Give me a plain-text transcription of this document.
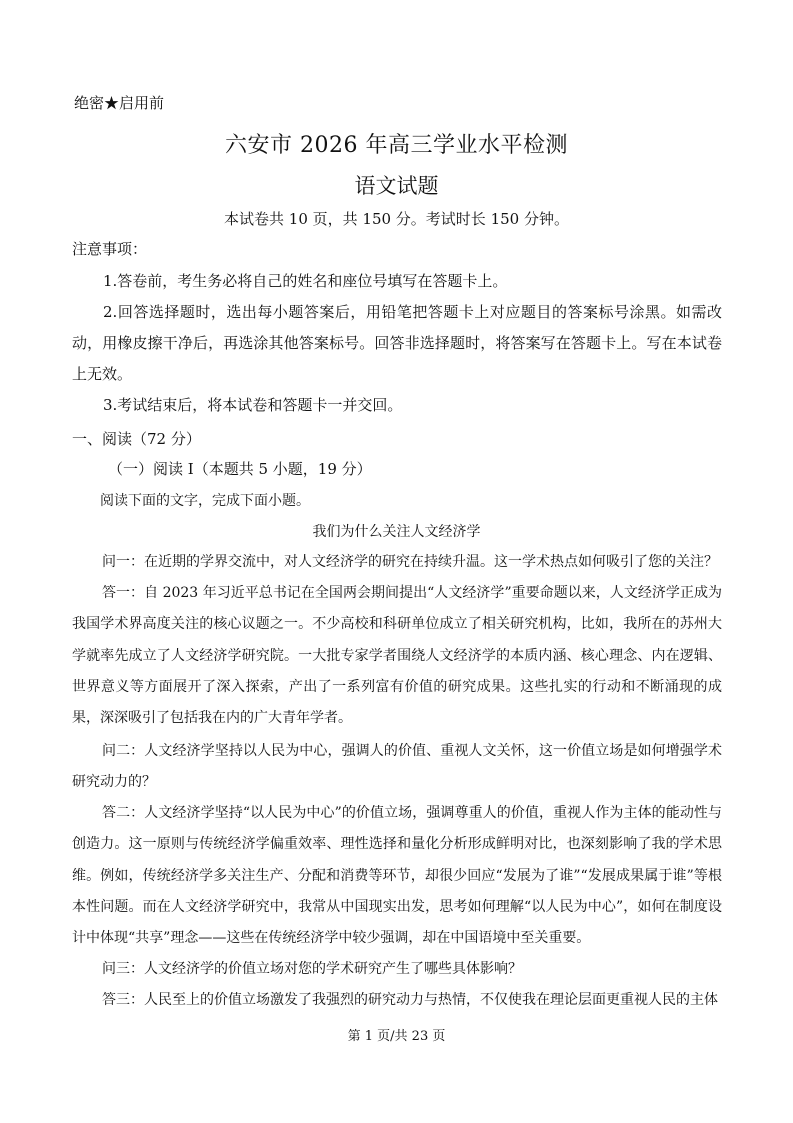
绝密★启用前
六安市 2026 年高三学业水平检测
语文试题
本试卷共 10 页，共 150 分。考试时长 150 分钟。
注意事项：
1.答卷前，考生务必将自己的姓名和座位号填写在答题卡上。
2.回答选择题时，选出每小题答案后，用铅笔把答题卡上对应题目的答案标号涂黑。如需改动，用橡皮擦干净后，再选涂其他答案标号。回答非选择题时，将答案写在答题卡上。写在本试卷上无效。
3.考试结束后，将本试卷和答题卡一并交回。
一、阅读（72 分）
（一）阅读 I（本题共 5 小题，19 分）
阅读下面的文字，完成下面小题。
我们为什么关注人文经济学
问一：在近期的学界交流中，对人文经济学的研究在持续升温。这一学术热点如何吸引了您的关注？
答一：自 2023 年习近平总书记在全国两会期间提出“人文经济学”重要命题以来，人文经济学正成为我国学术界高度关注的核心议题之一。不少高校和科研单位成立了相关研究机构，比如，我所在的苏州大学就率先成立了人文经济学研究院。一大批专家学者围绕人文经济学的本质内涵、核心理念、内在逻辑、世界意义等方面展开了深入探索，产出了一系列富有价值的研究成果。这些扎实的行动和不断涌现的成果，深深吸引了包括我在内的广大青年学者。
问二：人文经济学坚持以人民为中心，强调人的价值、重视人文关怀，这一价值立场是如何增强学术研究动力的？
答二：人文经济学坚持“以人民为中心”的价值立场，强调尊重人的价值，重视人作为主体的能动性与创造力。这一原则与传统经济学偏重效率、理性选择和量化分析形成鲜明对比，也深刻影响了我的学术思维。例如，传统经济学多关注生产、分配和消费等环节，却很少回应“发展为了谁”“发展成果属于谁”等根本性问题。而在人文经济学研究中，我常从中国现实出发，思考如何理解“以人民为中心”，如何在制度设计中体现“共享”理念——这些在传统经济学中较少强调，却在中国语境中至关重要。
问三：人文经济学的价值立场对您的学术研究产生了哪些具体影响？
答三：人民至上的价值立场激发了我强烈的研究动力与热情，不仅使我在理论层面更重视人民的主体
第 1 页/共 23 页
